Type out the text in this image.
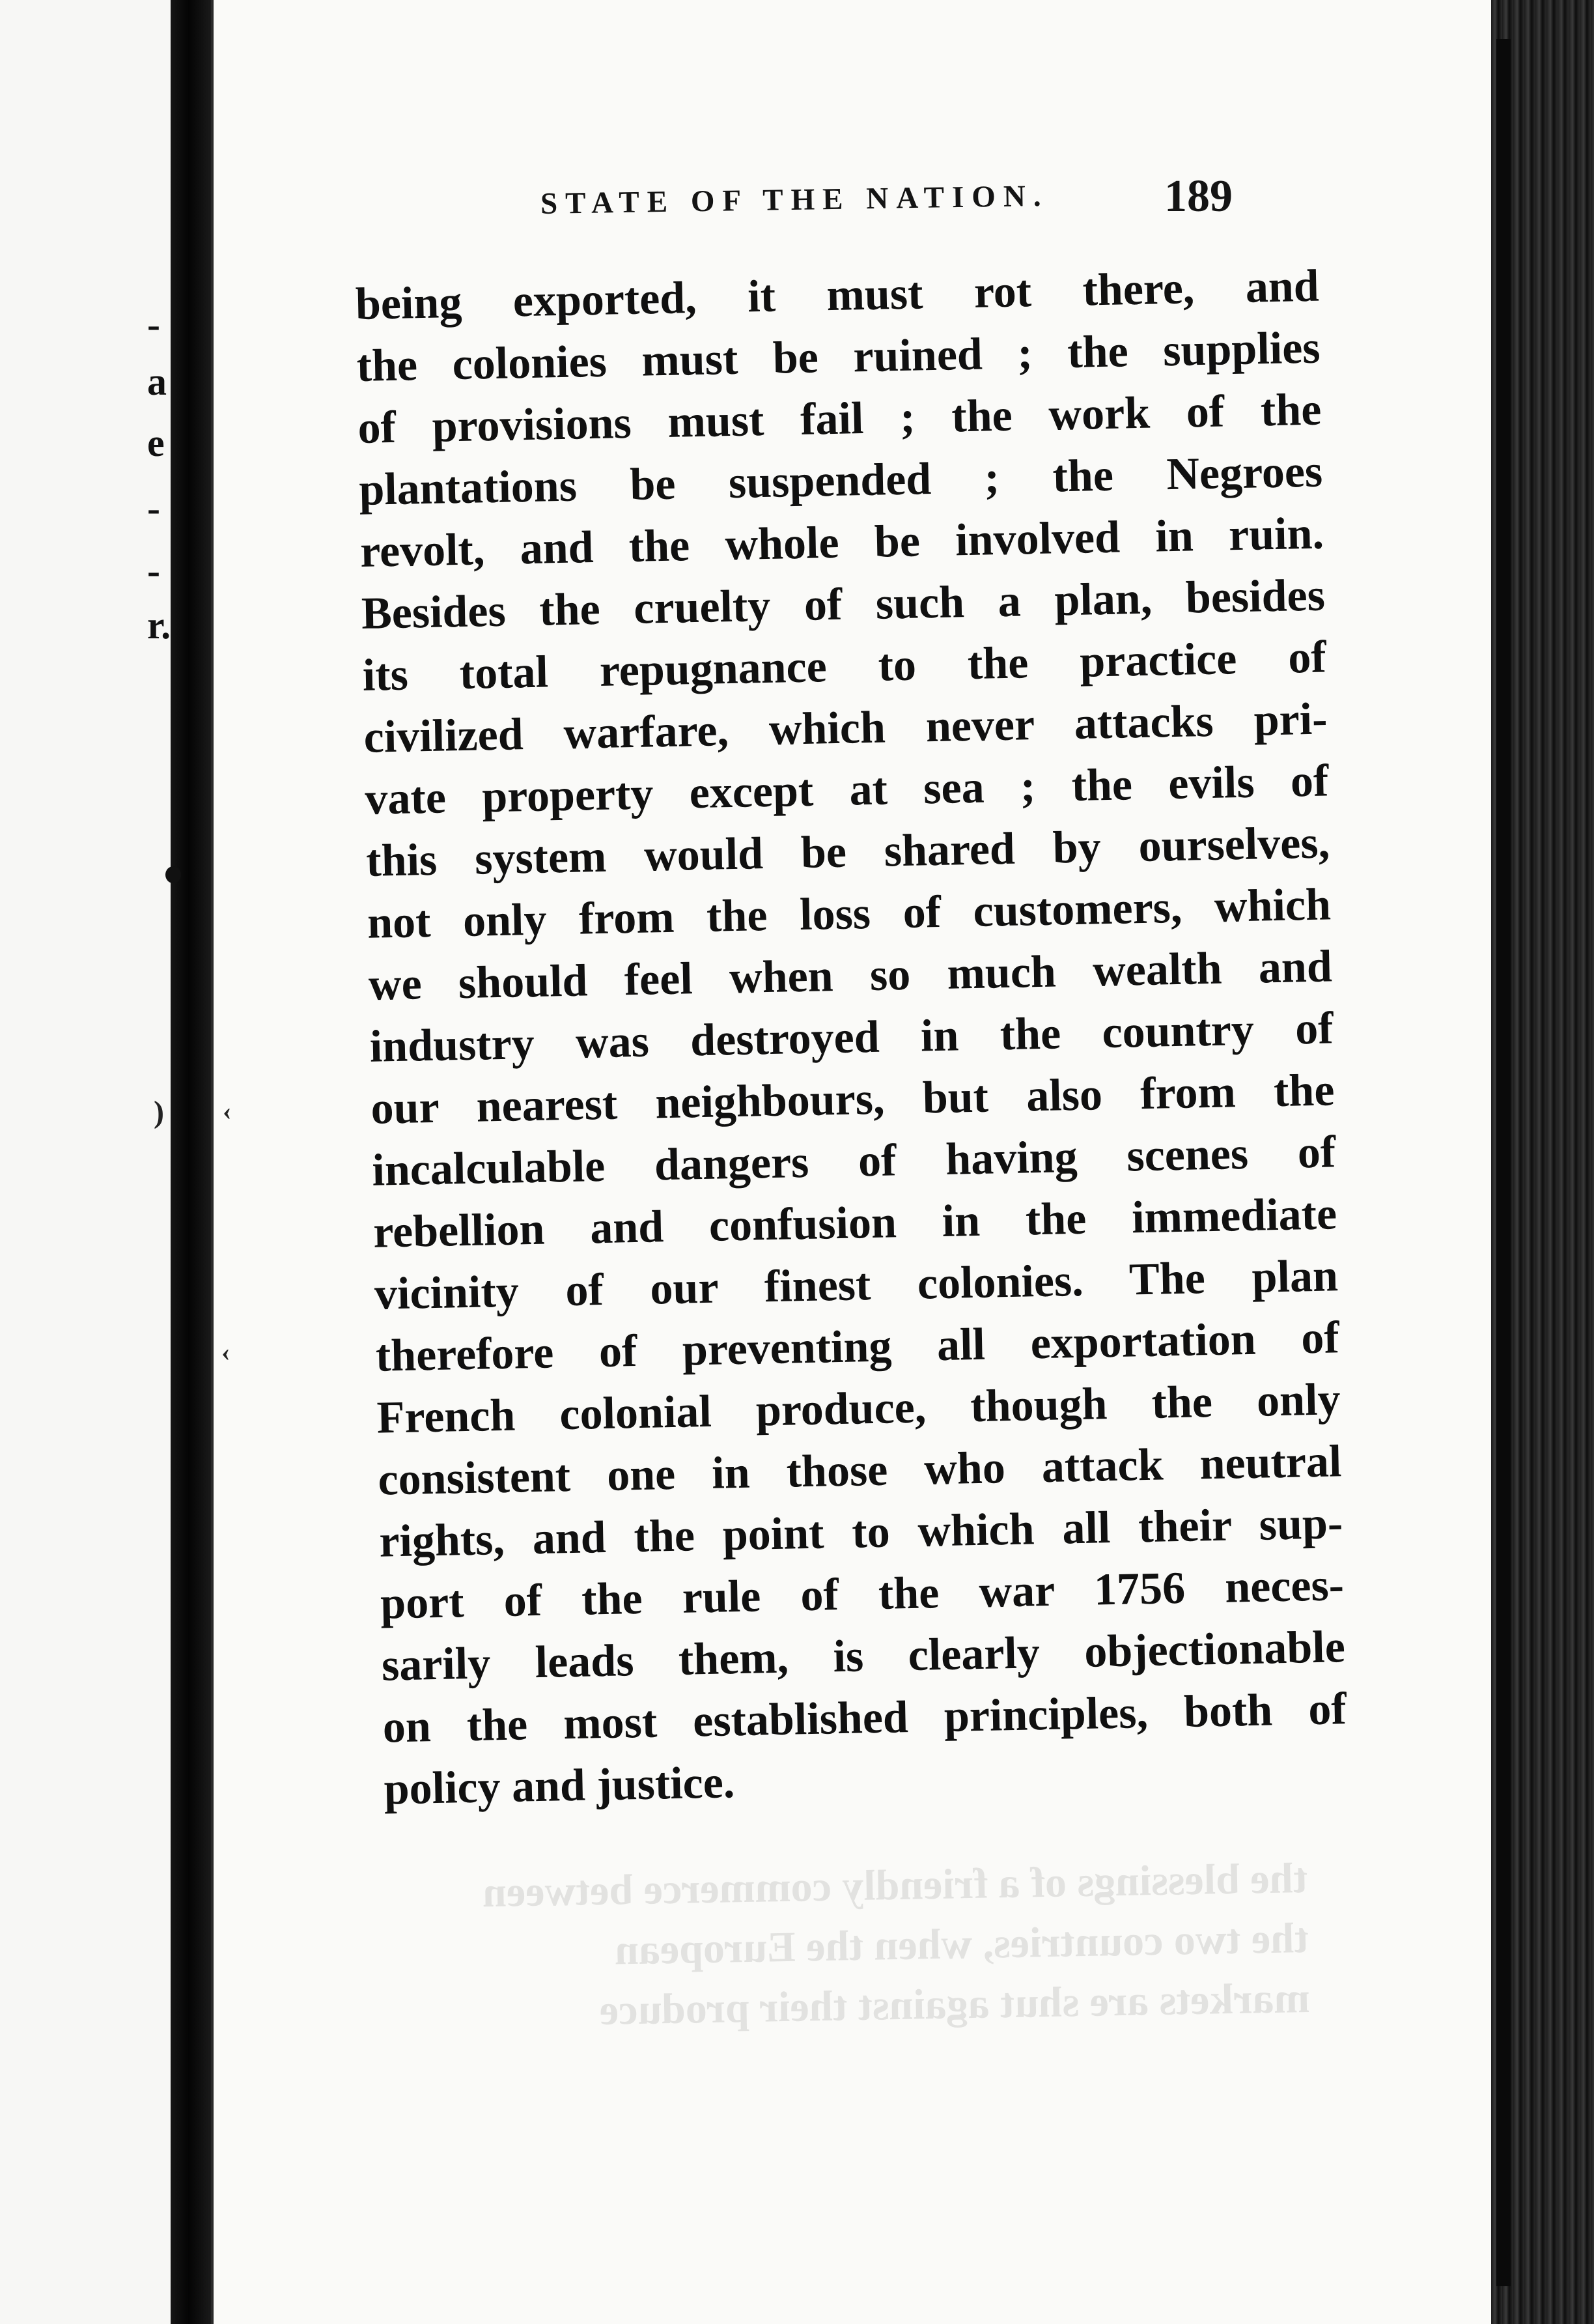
-
a
e
-
-
r.
) ‹
‹
STATE OF THE NATION.	189
being exported, it must rot there, and
the colonies must be ruined ; the supplies
of provisions must fail ; the work of the
plantations be suspended ; the Negroes
revolt, and the whole be involved in ruin.
Besides the cruelty of such a plan, besides
its total repugnance to the practice of
civilized warfare, which never attacks pri-
vate property except at sea ; the evils of
this system would be shared by ourselves,
not only from the loss of customers, which
we should feel when so much wealth and
industry was destroyed in the country of
our nearest neighbours, but also from the
incalculable dangers of having scenes of
rebellion and confusion in the immediate
vicinity of our finest colonies. The plan
therefore of preventing all exportation of
French colonial produce, though the only
consistent one in those who attack neutral
rights, and the point to which all their sup-
port of the rule of the war 1756 neces-
sarily leads them, is clearly objectionable
on the most established principles, both of
policy and justice.
